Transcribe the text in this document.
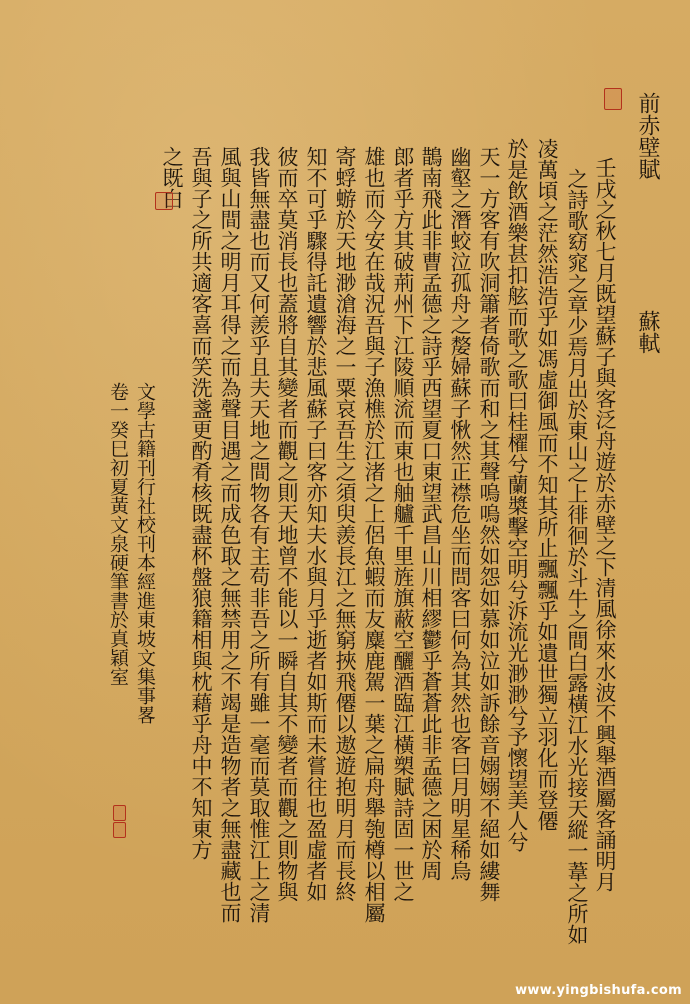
前赤壁賦  蘇軾
壬戌之秋七月既望蘇子與客泛舟遊於赤壁之下清風徐來水波不興舉酒屬客誦明月
之詩歌窈窕之章少焉月出於東山之上徘徊於斗牛之間白露橫江水光接天縱一葦之所如
凌萬頃之茫然浩浩乎如馮虛御風而不知其所止飄飄乎如遺世獨立羽化而登僊
於是飲酒樂甚扣舷而歌之歌曰桂櫂兮蘭槳擊空明兮泝流光渺渺兮予懷望美人兮
天一方客有吹洞簫者倚歌而和之其聲嗚嗚然如怨如慕如泣如訴餘音嫋嫋不絕如縷舞
幽壑之潛蛟泣孤舟之嫠婦蘇子愀然正襟危坐而問客曰何為其然也客曰月明星稀烏
鵲南飛此非曹孟德之詩乎西望夏口東望武昌山川相繆鬱乎蒼蒼此非孟德之困於周
郎者乎方其破荊州下江陵順流而東也舳艫千里旌旗蔽空釃酒臨江橫槊賦詩固一世之
雄也而今安在哉況吾與子漁樵於江渚之上侶魚蝦而友麋鹿駕一葉之扁舟舉匏樽以相屬
寄蜉蝣於天地渺滄海之一粟哀吾生之須臾羨長江之無窮挾飛僊以遨遊抱明月而長終
知不可乎驟得託遺響於悲風蘇子曰客亦知夫水與月乎逝者如斯而未嘗往也盈虛者如
彼而卒莫消長也蓋將自其變者而觀之則天地曾不能以一瞬自其不變者而觀之則物與
我皆無盡也而又何羨乎且夫天地之間物各有主苟非吾之所有雖一毫而莫取惟江上之清
風與山間之明月耳得之而為聲目遇之而成色取之無禁用之不竭是造物者之無盡藏也而
吾與子之所共適客喜而笑洗盞更酌肴核既盡杯盤狼籍相與枕藉乎舟中不知東方
之既白
文學古籍刊行社校刊本經進東坡文集事畧
卷一癸巳初夏黃文泉硬筆書於真穎室
www.yingbishufa.com
